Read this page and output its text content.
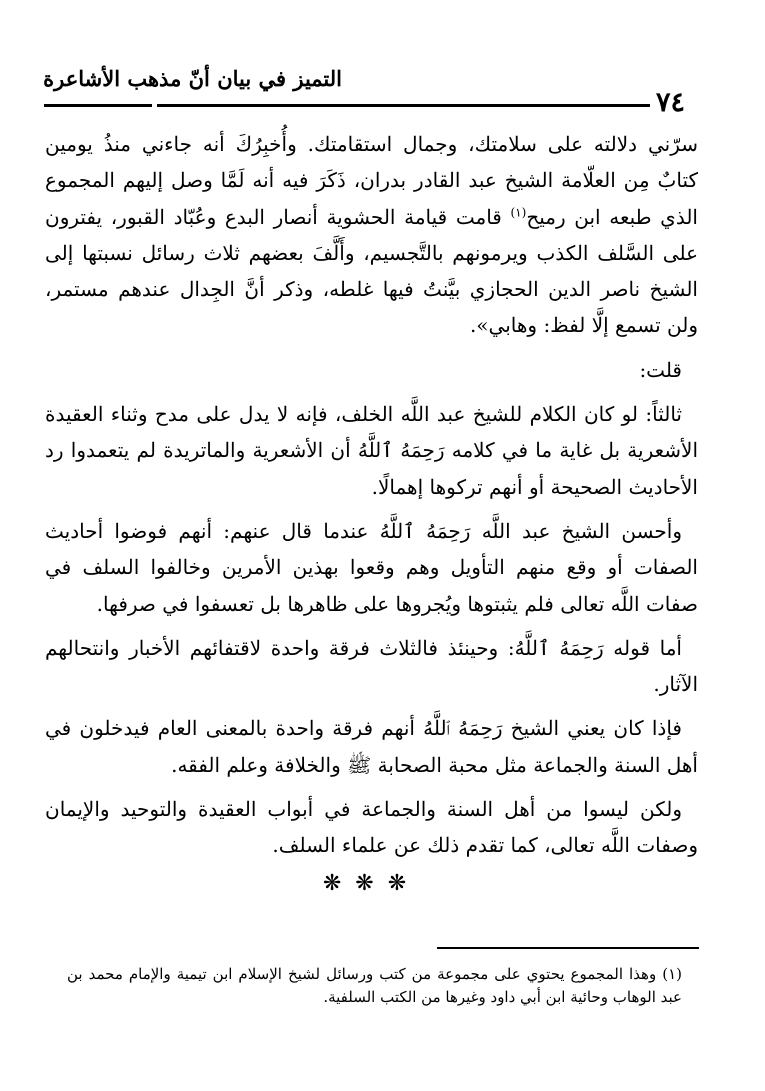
التميز في بيان أنّ مذهب الأشاعرة
٧٤

سرّني دلالته على سلامتك، وجمال استقامتك. وأُخبِرُكَ أنه جاءني منذُ يومين كتابٌ مِن العلّامة الشيخ عبد القادر بدران، ذَكَرَ فيه أنه لَمَّا وصل إليهم المجموع الذي طبعه ابن رميح$^{(١)}$ قامت قيامة الحشوية أنصار البدع وعُبّاد القبور، يفترون على السَّلف الكذب ويرمونهم بالتَّجسيم، وأَلَّفَ بعضهم ثلاث رسائل نسبتها إلى الشيخ ناصر الدين الحجازي بيَّنتُ فيها غلطه، وذكر أنَّ الجِدال عندهم مستمر، ولن تسمع إلَّا لفظ: وهابي».

قلت:

ثالثاً: لو كان الكلام للشيخ عبد اللَّه الخلف، فإنه لا يدل على مدح وثناء العقيدة الأشعرية بل غاية ما في كلامه رَحِمَهُ ٱللَّهُ أن الأشعرية والماتريدة لم يتعمدوا رد الأحاديث الصحيحة أو أنهم تركوها إهمالًا.

وأحسن الشيخ عبد اللَّه رَحِمَهُ ٱللَّهُ عندما قال عنهم: أنهم فوضوا أحاديث الصفات أو وقع منهم التأويل وهم وقعوا بهذين الأمرين وخالفوا السلف في صفات اللَّه تعالى فلم يثبتوها ويُجروها على ظاهرها بل تعسفوا في صرفها.

أما قوله رَحِمَهُ ٱللَّهُ: وحينئذ فالثلاث فرقة واحدة لاقتفائهم الأخبار وانتحالهم الآثار.

فإذا كان يعني الشيخ رَحِمَهُ ٱللَّهُ أنهم فرقة واحدة بالمعنى العام فيدخلون في أهل السنة والجماعة مثل محبة الصحابة ﷺ والخلافة وعلم الفقه.

ولكن ليسوا من أهل السنة والجماعة في أبواب العقيدة والتوحيد والإيمان وصفات اللَّه تعالى، كما تقدم ذلك عن علماء السلف.

❋❋❋
(١) وهذا المجموع يحتوي على مجموعة من كتب ورسائل لشيخ الإسلام ابن تيمية والإمام محمد بن عبد الوهاب وحائية ابن أبي داود وغيرها من الكتب السلفية.
